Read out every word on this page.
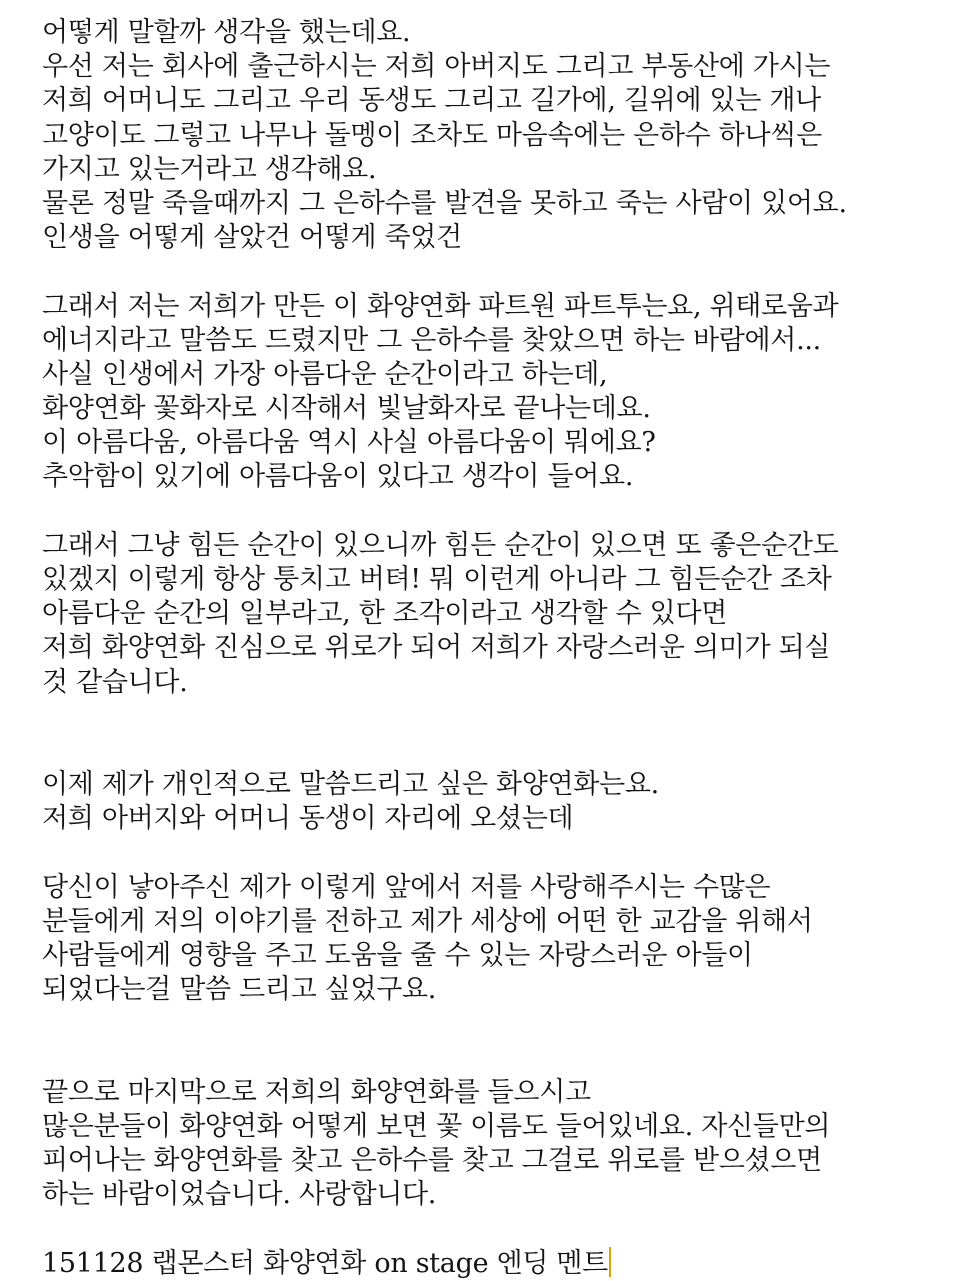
어떻게 말할까 생각을 했는데요.
우선 저는 회사에 출근하시는 저희 아버지도 그리고 부동산에 가시는
저희 어머니도 그리고 우리 동생도 그리고 길가에, 길위에 있는 개나
고양이도 그렇고 나무나 돌멩이 조차도 마음속에는 은하수 하나씩은
가지고 있는거라고 생각해요.
물론 정말 죽을때까지 그 은하수를 발견을 못하고 죽는 사람이 있어요.
인생을 어떻게 살았건 어떻게 죽었건
그래서 저는 저희가 만든 이 화양연화 파트원 파트투는요, 위태로움과
에너지라고 말씀도 드렸지만 그 은하수를 찾았으면 하는 바람에서...
사실 인생에서 가장 아름다운 순간이라고 하는데,
화양연화 꽃화자로 시작해서 빛날화자로 끝나는데요.
이 아름다움, 아름다움 역시 사실 아름다움이 뭐에요?
추악함이 있기에 아름다움이 있다고 생각이 들어요.
그래서 그냥 힘든 순간이 있으니까 힘든 순간이 있으면 또 좋은순간도
있겠지 이렇게 항상 퉁치고 버텨! 뭐 이런게 아니라 그 힘든순간 조차
아름다운 순간의 일부라고, 한 조각이라고 생각할 수 있다면
저희 화양연화 진심으로 위로가 되어 저희가 자랑스러운 의미가 되실
것 같습니다.
이제 제가 개인적으로 말씀드리고 싶은 화양연화는요.
저희 아버지와 어머니 동생이 자리에 오셨는데
당신이 낳아주신 제가 이렇게 앞에서 저를 사랑해주시는 수많은
분들에게 저의 이야기를 전하고 제가 세상에 어떤 한 교감을 위해서
사람들에게 영향을 주고 도움을 줄 수 있는 자랑스러운 아들이
되었다는걸 말씀 드리고 싶었구요.
끝으로 마지막으로 저희의 화양연화를 들으시고
많은분들이 화양연화 어떻게 보면 꽃 이름도 들어있네요. 자신들만의
피어나는 화양연화를 찾고 은하수를 찾고 그걸로 위로를 받으셨으면
하는 바람이었습니다. 사랑합니다.
151128 랩몬스터 화양연화 on stage 엔딩 멘트
